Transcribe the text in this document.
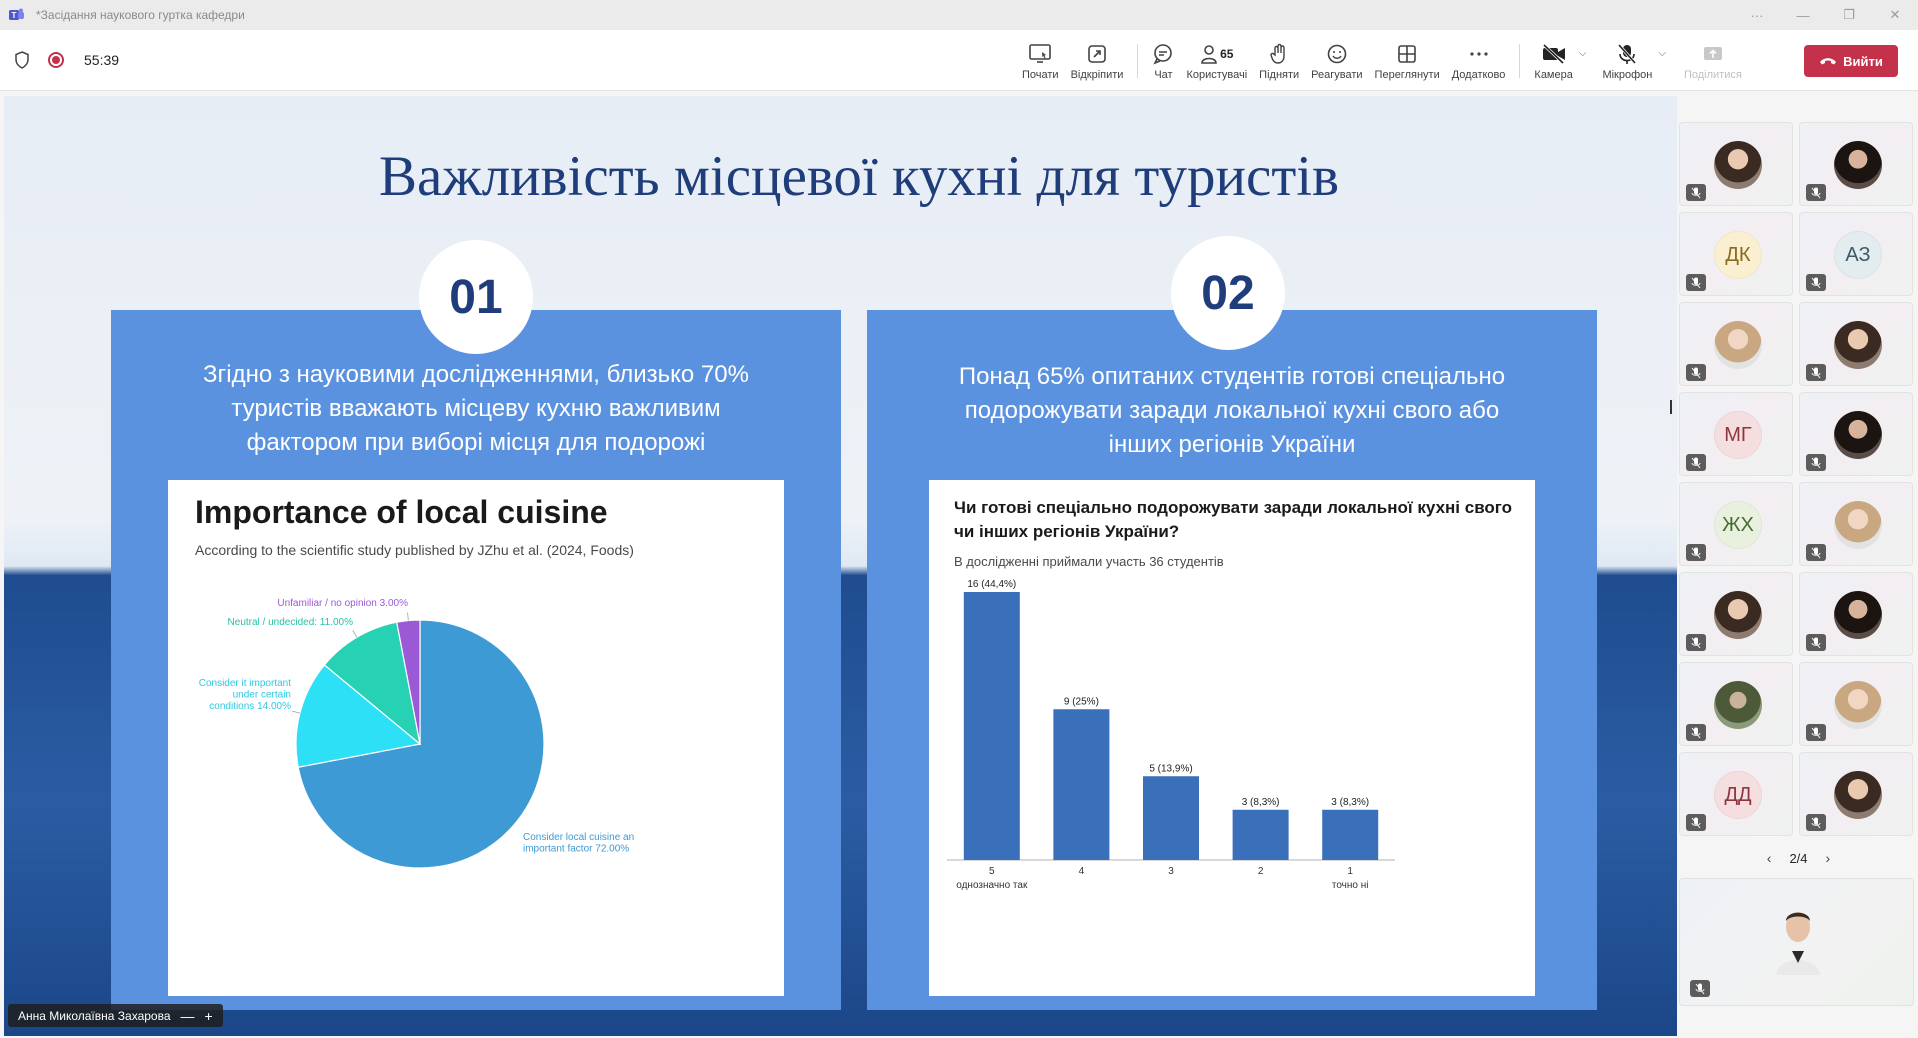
T *Засідання наукового гуртка кафедри	···	—	❐	✕
55:39
Почати Відкріпити	Чат
65
Користувачі Підняти Реагувати Переглянути Додатково	Камера
⌵
Мікрофон
⌵
Поділитися
Вийти
Важливість місцевої кухні для туристів
01
Згідно з науковими дослідженнями, близько 70%
туристів вважають місцеву кухню важливим
фактором при виборі місця для подорожі
Importance of local cuisine
According to the scientific study published by JZhu et al. (2024, Foods)
Consider local cuisine an important factor 72.00%
Consider it important under certain conditions 14.00%
Neutral / undecided: 11.00%
Unfamiliar / no opinion 3.00%
02
Понад 65% опитаних студентів готові спеціально
подорожувати заради локальної кухні свого або
інших регіонів України
Чи готові спеціально подорожувати заради локальної кухні свого чи інших регіонів України?
В дослідженні приймали участь 36 студентів
16 (44,4%)
5
однозначно так
9 (25%)
4
5 (13,9%)
3
3 (8,3%)
2
3 (8,3%)
1
точно ні
Анна Миколаївна Захарова — +
‹ 2/4 ›
ДК	АЗ
МГ
ЖХ
ДД
